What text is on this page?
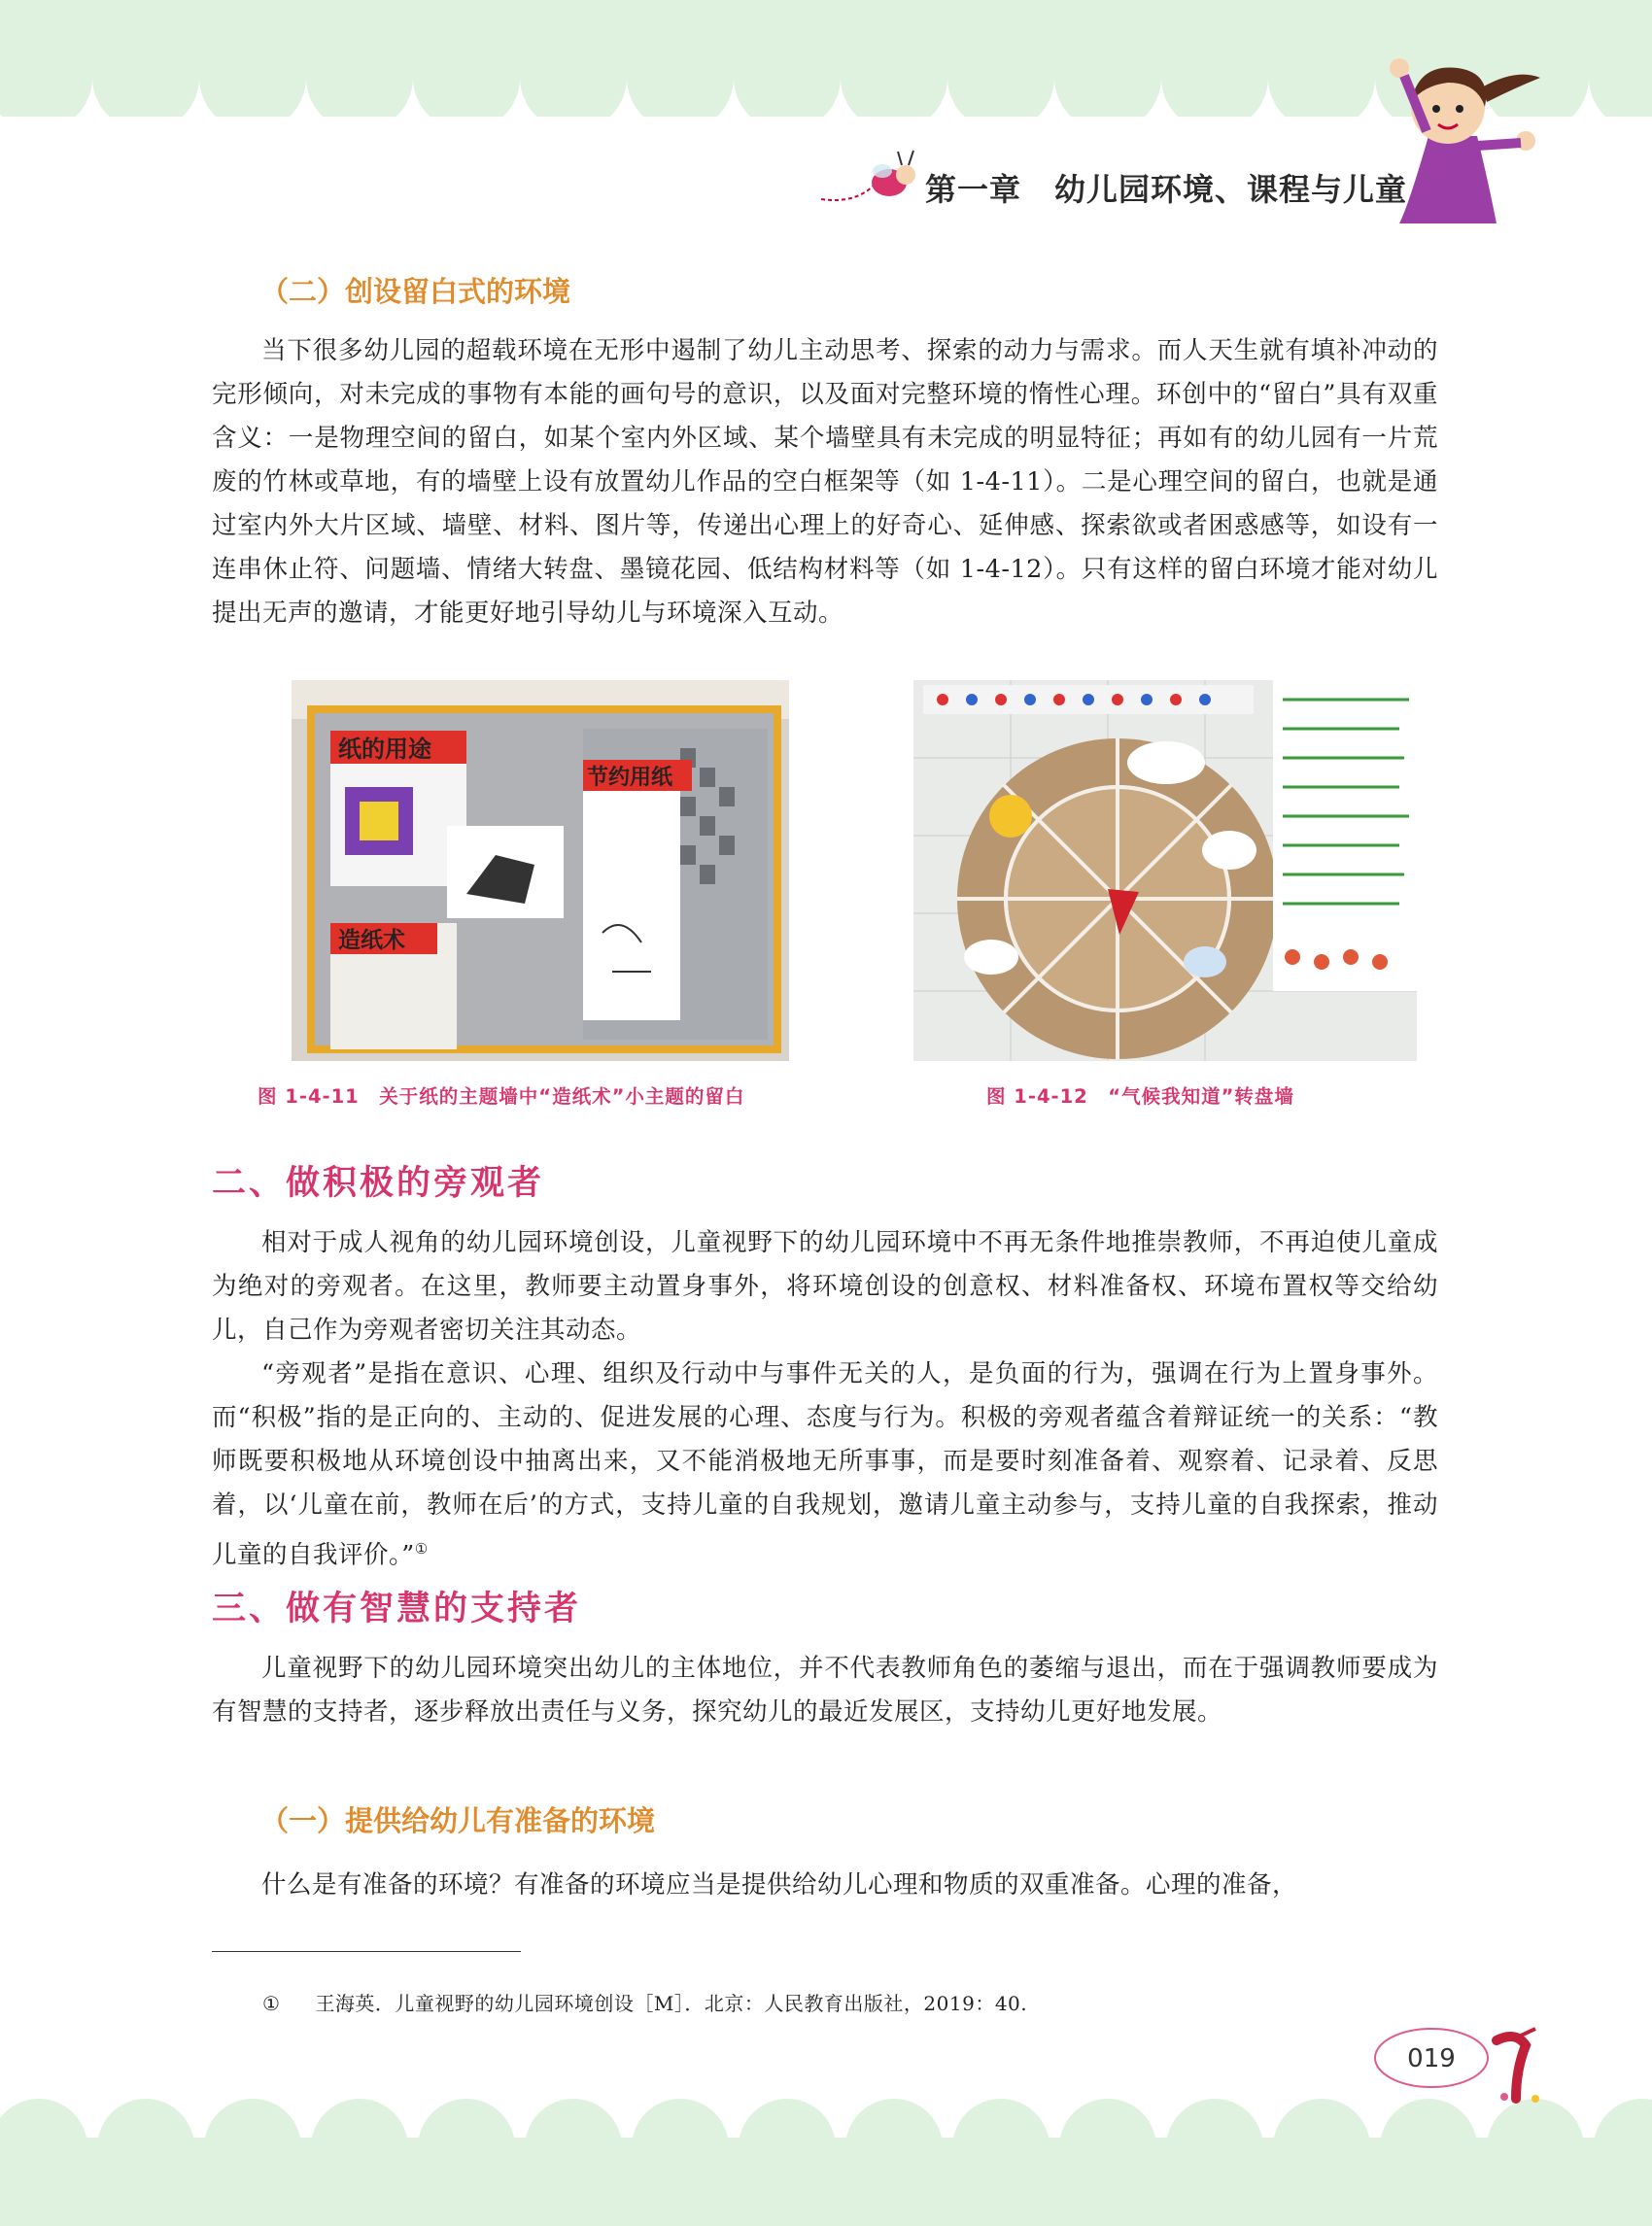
第一章 幼儿园环境、课程与儿童
（二）创设留白式的环境
当下很多幼儿园的超载环境在无形中遏制了幼儿主动思考、探索的动力与需求。而人天生就有填补冲动的完形倾向，对未完成的事物有本能的画句号的意识，以及面对完整环境的惰性心理。环创中的“留白”具有双重含义：一是物理空间的留白，如某个室内外区域、某个墙壁具有未完成的明显特征；再如有的幼儿园有一片荒废的竹林或草地，有的墙壁上设有放置幼儿作品的空白框架等（如 1-4-11）。二是心理空间的留白，也就是通过室内外大片区域、墙壁、材料、图片等，传递出心理上的好奇心、延伸感、探索欲或者困惑感等，如设有一连串休止符、问题墙、情绪大转盘、墨镜花园、低结构材料等（如 1-4-12）。只有这样的留白环境才能对幼儿提出无声的邀请，才能更好地引导幼儿与环境深入互动。
纸的用途
节约用纸
造纸术
图 1-4-11　关于纸的主题墙中“造纸术”小主题的留白	图 1-4-12　“气候我知道”转盘墙
二、做积极的旁观者
相对于成人视角的幼儿园环境创设，儿童视野下的幼儿园环境中不再无条件地推崇教师，不再迫使儿童成为绝对的旁观者。在这里，教师要主动置身事外，将环境创设的创意权、材料准备权、环境布置权等交给幼儿，自己作为旁观者密切关注其动态。
“旁观者”是指在意识、心理、组织及行动中与事件无关的人，是负面的行为，强调在行为上置身事外。而“积极”指的是正向的、主动的、促进发展的心理、态度与行为。积极的旁观者蕴含着辩证统一的关系：“教师既要积极地从环境创设中抽离出来，又不能消极地无所事事，而是要时刻准备着、观察着、记录着、反思着，以‘儿童在前，教师在后’的方式，支持儿童的自我规划，邀请儿童主动参与，支持儿童的自我探索，推动儿童的自我评价。”①
三、做有智慧的支持者
儿童视野下的幼儿园环境突出幼儿的主体地位，并不代表教师角色的萎缩与退出，而在于强调教师要成为有智慧的支持者，逐步释放出责任与义务，探究幼儿的最近发展区，支持幼儿更好地发展。
（一）提供给幼儿有准备的环境
什么是有准备的环境？有准备的环境应当是提供给幼儿心理和物质的双重准备。心理的准备，
① 王海英．儿童视野的幼儿园环境创设［M］．北京：人民教育出版社，2019：40.
019
